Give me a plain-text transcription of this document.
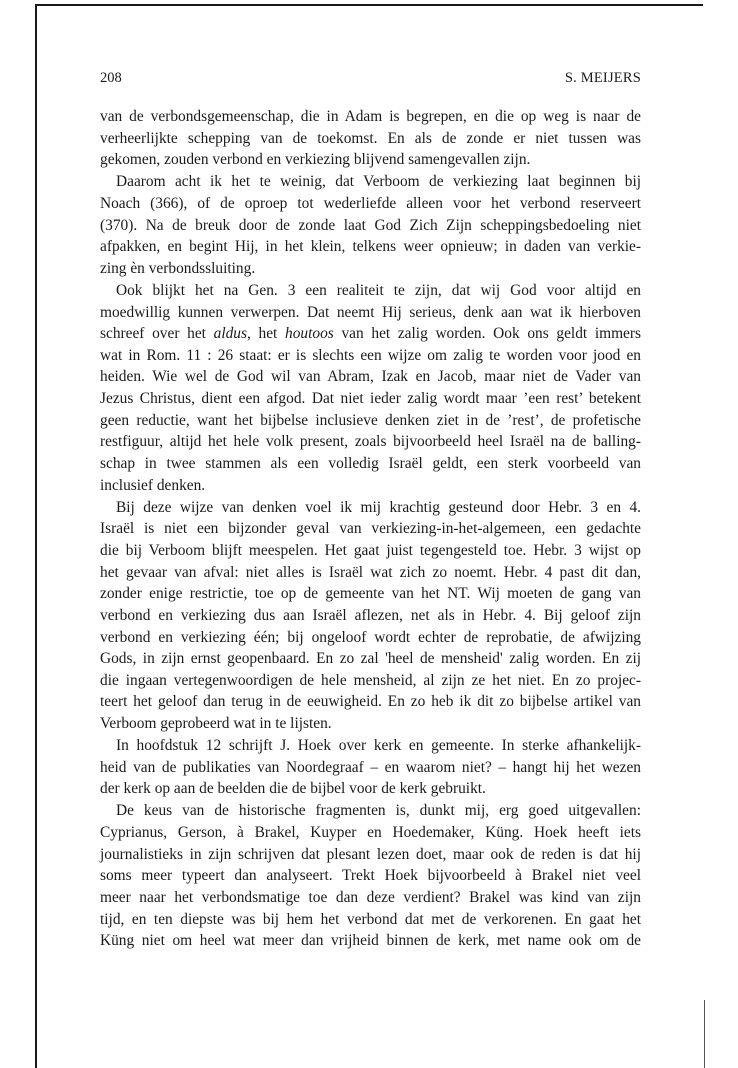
208	S. MEIJERS
van de verbondsgemeenschap, die in Adam is begrepen, en die op weg is naar de
verheerlijkte schepping van de toekomst. En als de zonde er niet tussen was
gekomen, zouden verbond en verkiezing blijvend samengevallen zijn.
Daarom acht ik het te weinig, dat Verboom de verkiezing laat beginnen bij
Noach (366), of de oproep tot wederliefde alleen voor het verbond reserveert
(370). Na de breuk door de zonde laat God Zich Zijn scheppingsbedoeling niet
afpakken, en begint Hij, in het klein, telkens weer opnieuw; in daden van verkie-
zing èn verbondssluiting.
Ook blijkt het na Gen. 3 een realiteit te zijn, dat wij God voor altijd en
moedwillig kunnen verwerpen. Dat neemt Hij serieus, denk aan wat ik hierboven
schreef over het aldus, het houtoos van het zalig worden. Ook ons geldt immers
wat in Rom. 11 : 26 staat: er is slechts een wijze om zalig te worden voor jood en
heiden. Wie wel de God wil van Abram, Izak en Jacob, maar niet de Vader van
Jezus Christus, dient een afgod. Dat niet ieder zalig wordt maar ’een rest’ betekent
geen reductie, want het bijbelse inclusieve denken ziet in de ’rest’, de profetische
restfiguur, altijd het hele volk present, zoals bijvoorbeeld heel Israël na de balling-
schap in twee stammen als een volledig Israël geldt, een sterk voorbeeld van
inclusief denken.
Bij deze wijze van denken voel ik mij krachtig gesteund door Hebr. 3 en 4.
Israël is niet een bijzonder geval van verkiezing-in-het-algemeen, een gedachte
die bij Verboom blijft meespelen. Het gaat juist tegengesteld toe. Hebr. 3 wijst op
het gevaar van afval: niet alles is Israël wat zich zo noemt. Hebr. 4 past dit dan,
zonder enige restrictie, toe op de gemeente van het NT. Wij moeten de gang van
verbond en verkiezing dus aan Israël aflezen, net als in Hebr. 4. Bij geloof zijn
verbond en verkiezing één; bij ongeloof wordt echter de reprobatie, de afwijzing
Gods, in zijn ernst geopenbaard. En zo zal 'heel de mensheid' zalig worden. En zij
die ingaan vertegenwoordigen de hele mensheid, al zijn ze het niet. En zo projec-
teert het geloof dan terug in de eeuwigheid. En zo heb ik dit zo bijbelse artikel van
Verboom geprobeerd wat in te lijsten.
In hoofdstuk 12 schrijft J. Hoek over kerk en gemeente. In sterke afhankelijk-
heid van de publikaties van Noordegraaf – en waarom niet? – hangt hij het wezen
der kerk op aan de beelden die de bijbel voor de kerk gebruikt.
De keus van de historische fragmenten is, dunkt mij, erg goed uitgevallen:
Cyprianus, Gerson, à Brakel, Kuyper en Hoedemaker, Küng. Hoek heeft iets
journalistieks in zijn schrijven dat plesant lezen doet, maar ook de reden is dat hij
soms meer typeert dan analyseert. Trekt Hoek bijvoorbeeld à Brakel niet veel
meer naar het verbondsmatige toe dan deze verdient? Brakel was kind van zijn
tijd, en ten diepste was bij hem het verbond dat met de verkorenen. En gaat het
Küng niet om heel wat meer dan vrijheid binnen de kerk, met name ook om de
